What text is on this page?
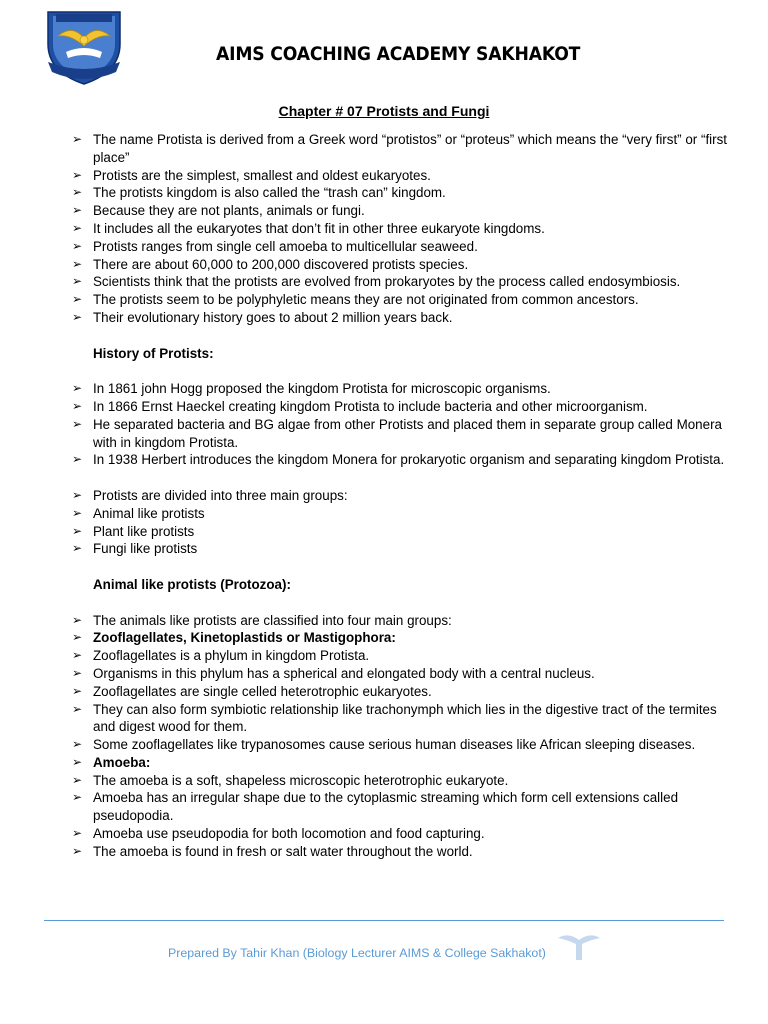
AIMS COACHING ACADEMY SAKHAKOT
Chapter # 07 Protists and Fungi
➢ The name Protista is derived from a Greek word “protistos” or “proteus” which means the “very first” or “first place”
➢ Protists are the simplest, smallest and oldest eukaryotes.
➢ The protists kingdom is also called the “trash can” kingdom.
➢ Because they are not plants, animals or fungi.
➢ It includes all the eukaryotes that don’t fit in other three eukaryote kingdoms.
➢ Protists ranges from single cell amoeba to multicellular seaweed.
➢ There are about 60,000 to 200,000 discovered protists species.
➢ Scientists think that the protists are evolved from prokaryotes by the process called endosymbiosis.
➢ The protists seem to be polyphyletic means they are not originated from common ancestors.
➢ Their evolutionary history goes to about 2 million years back.

History of Protists:

➢ In 1861 john Hogg proposed the kingdom Protista for microscopic organisms.
➢ In 1866 Ernst Haeckel creating kingdom Protista to include bacteria and other microorganism.
➢ He separated bacteria and BG algae from other Protists and placed them in separate group called Monera with in kingdom Protista.
➢ In 1938 Herbert introduces the kingdom Monera for prokaryotic organism and separating kingdom Protista.
➢ Protists are divided into three main groups:
➢ Animal like protists
➢ Plant like protists
➢ Fungi like protists

Animal like protists (Protozoa):

➢ The animals like protists are classified into four main groups:
➢ Zooflagellates, Kinetoplastids or Mastigophora:
➢ Zooflagellates is a phylum in kingdom Protista.
➢ Organisms in this phylum has a spherical and elongated body with a central nucleus.
➢ Zooflagellates are single celled heterotrophic eukaryotes.
➢ They can also form symbiotic relationship like trachonymph which lies in the digestive tract of the termites and digest wood for them.
➢ Some zooflagellates like trypanosomes cause serious human diseases like African sleeping diseases.
➢ Amoeba:
➢ The amoeba is a soft, shapeless microscopic heterotrophic eukaryote.
➢ Amoeba has an irregular shape due to the cytoplasmic streaming which form cell extensions called pseudopodia.
➢ Amoeba use pseudopodia for both locomotion and food capturing.
➢ The amoeba is found in fresh or salt water throughout the world.
Prepared By Tahir Khan (Biology Lecturer AIMS & College Sakhakot)
